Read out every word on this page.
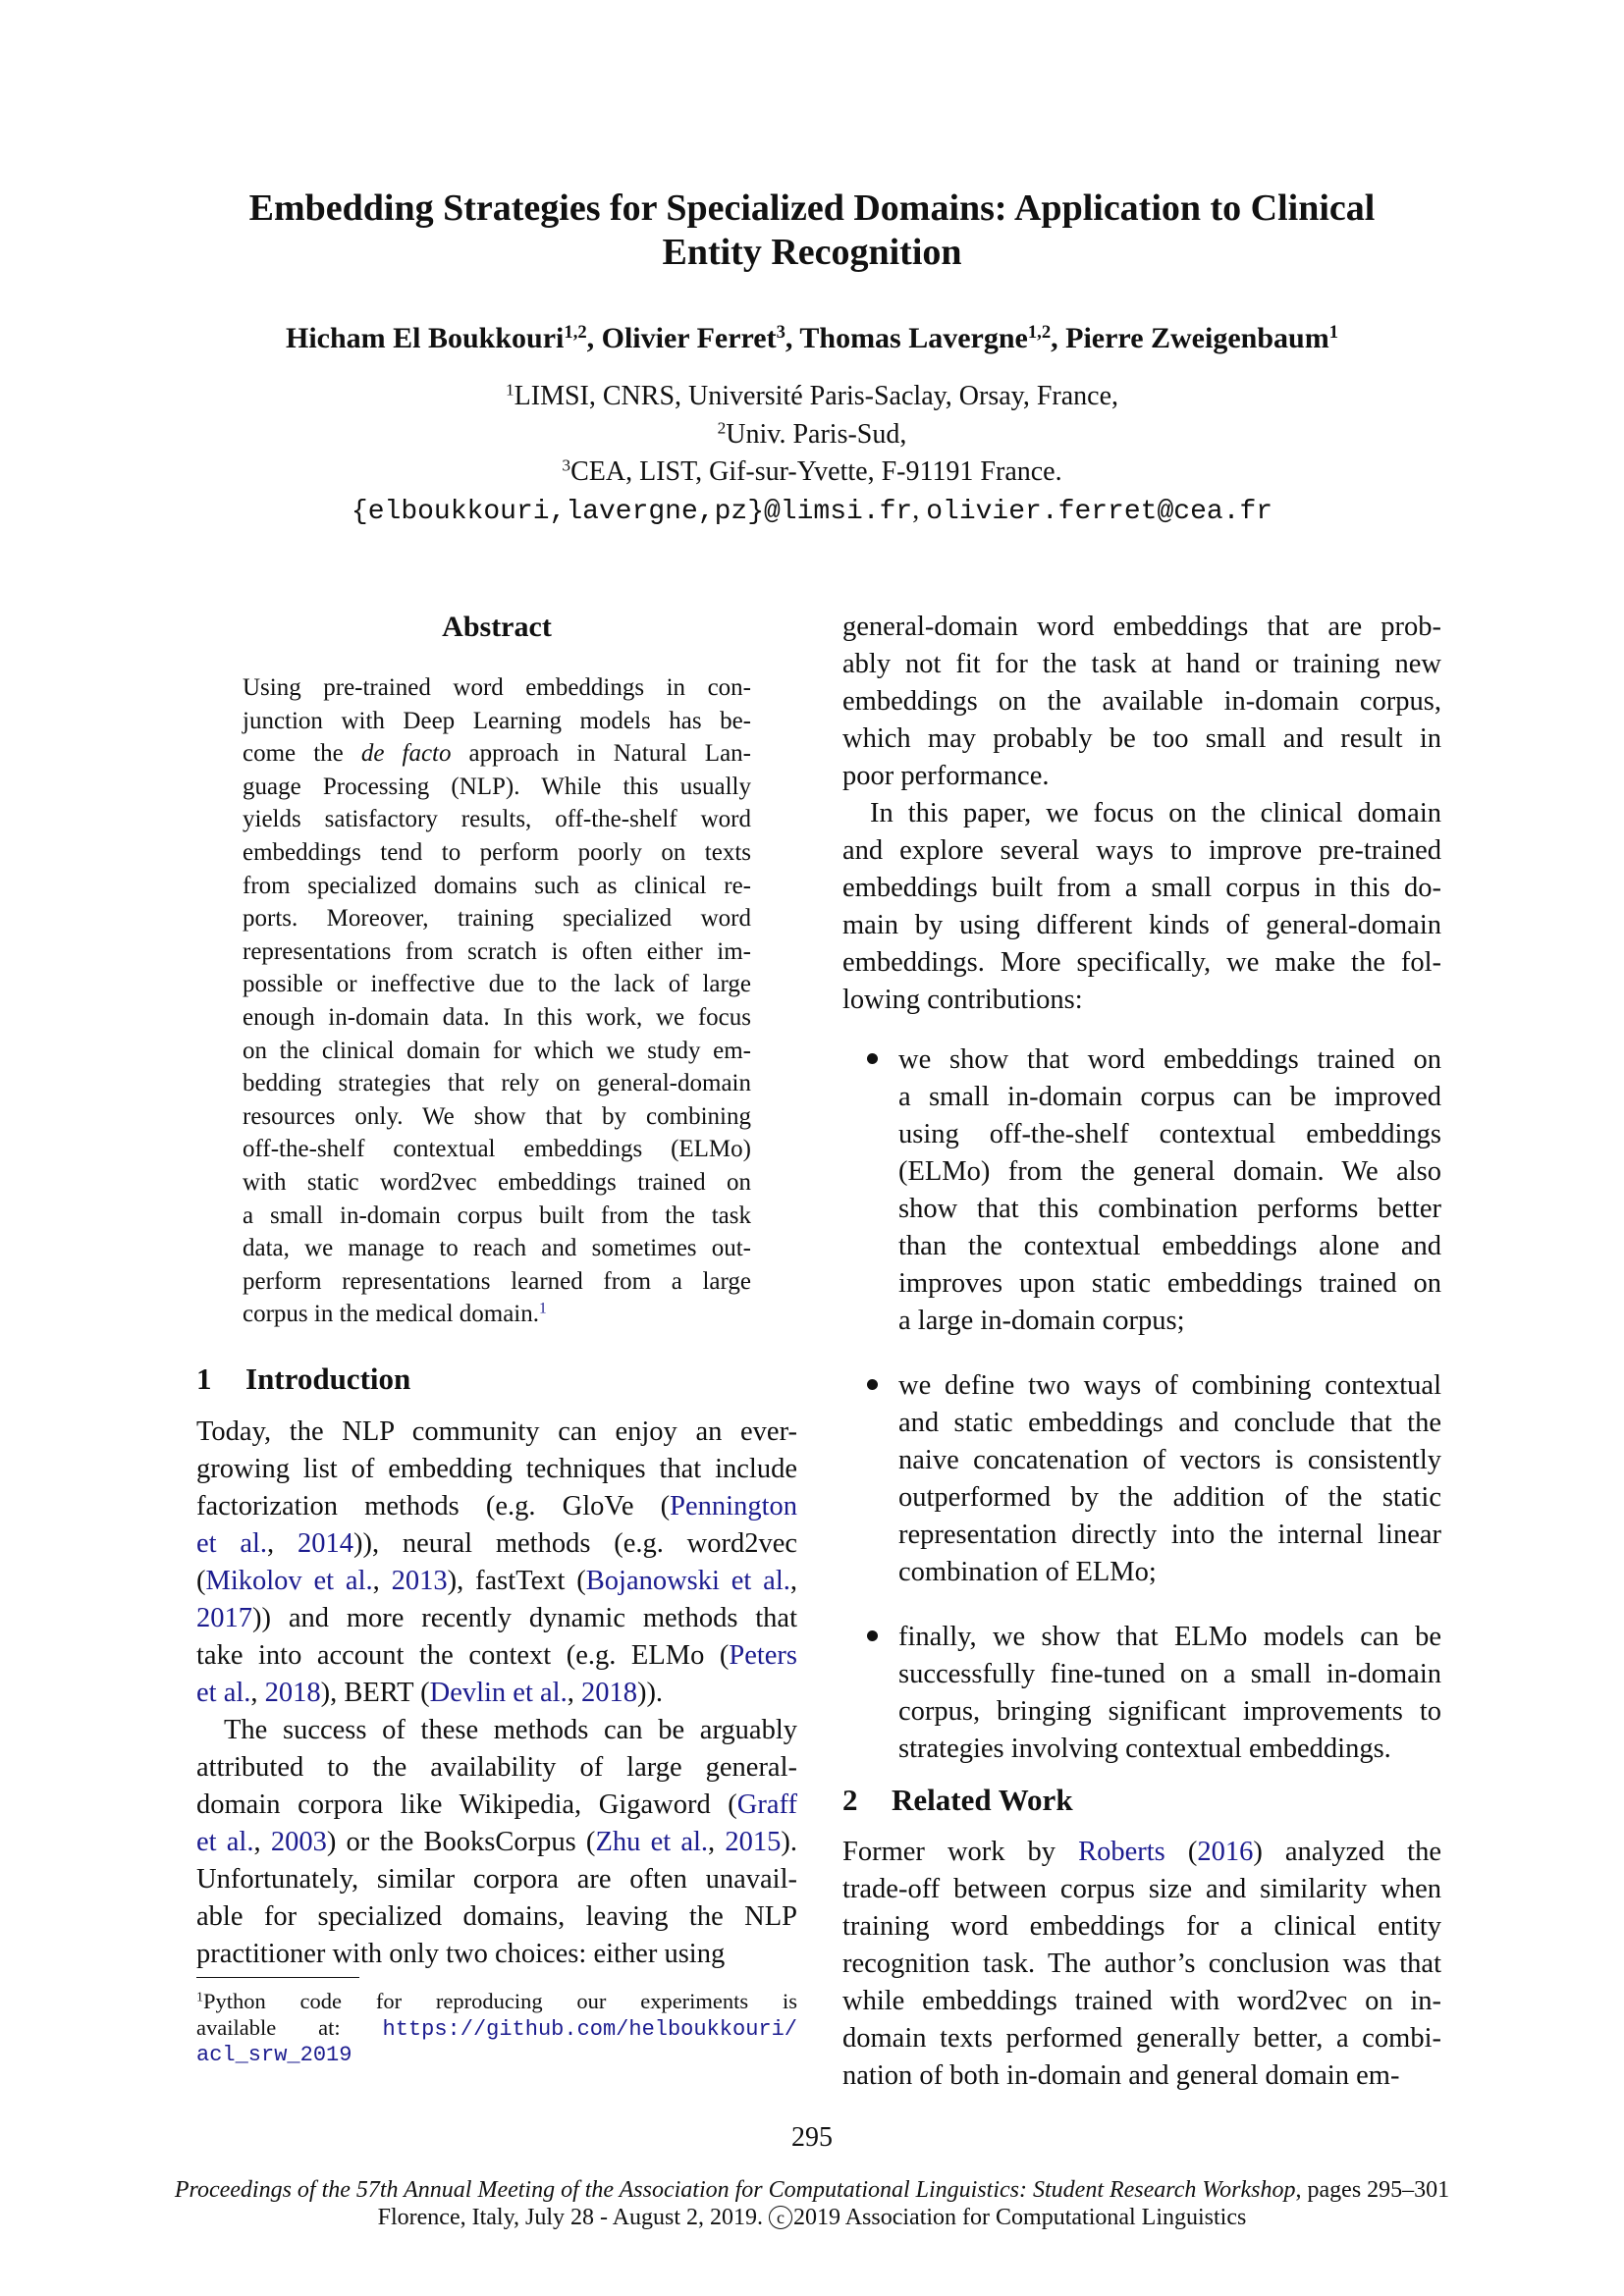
Embedding Strategies for Specialized Domains: Application to Clinical
Entity Recognition
Hicham El Boukkouri$^{1,2}$, Olivier Ferret$^3$, Thomas Lavergne$^{1,2}$, Pierre Zweigenbaum$^1$
$^1$LIMSI, CNRS, Université Paris-Saclay, Orsay, France,
$^2$Univ. Paris-Sud,
$^3$CEA, LIST, Gif-sur-Yvette, F-91191 France.
{elboukkouri,lavergne,pz}@limsi.fr, olivier.ferret@cea.fr
Abstract
Using pre-trained word embeddings in con-
junction with Deep Learning models has be-
come the de facto approach in Natural Lan-
guage Processing (NLP). While this usually
yields satisfactory results, off-the-shelf word
embeddings tend to perform poorly on texts
from specialized domains such as clinical re-
ports. Moreover, training specialized word
representations from scratch is often either im-
possible or ineffective due to the lack of large
enough in-domain data. In this work, we focus
on the clinical domain for which we study em-
bedding strategies that rely on general-domain
resources only. We show that by combining
off-the-shelf contextual embeddings (ELMo)
with static word2vec embeddings trained on
a small in-domain corpus built from the task
data, we manage to reach and sometimes out-
perform representations learned from a large
corpus in the medical domain.$^1$
1 Introduction
Today, the NLP community can enjoy an ever-
growing list of embedding techniques that include
factorization methods (e.g. GloVe (Pennington
et al., 2014)), neural methods (e.g. word2vec
(Mikolov et al., 2013), fastText (Bojanowski et al.,
2017)) and more recently dynamic methods that
take into account the context (e.g. ELMo (Peters
et al., 2018), BERT (Devlin et al., 2018)).
The success of these methods can be arguably
attributed to the availability of large general-
domain corpora like Wikipedia, Gigaword (Graff
et al., 2003) or the BooksCorpus (Zhu et al., 2015).
Unfortunately, similar corpora are often unavail-
able for specialized domains, leaving the NLP
practitioner with only two choices: either using
$^1$Python code for reproducing our experiments is
available at: https://github.com/helboukkouri/
acl_srw_2019
general-domain word embeddings that are prob-
ably not fit for the task at hand or training new
embeddings on the available in-domain corpus,
which may probably be too small and result in
poor performance.
In this paper, we focus on the clinical domain
and explore several ways to improve pre-trained
embeddings built from a small corpus in this do-
main by using different kinds of general-domain
embeddings. More specifically, we make the fol-
lowing contributions:
we show that word embeddings trained on
a small in-domain corpus can be improved
using off-the-shelf contextual embeddings
(ELMo) from the general domain. We also
show that this combination performs better
than the contextual embeddings alone and
improves upon static embeddings trained on
a large in-domain corpus;
we define two ways of combining contextual
and static embeddings and conclude that the
naive concatenation of vectors is consistently
outperformed by the addition of the static
representation directly into the internal linear
combination of ELMo;
finally, we show that ELMo models can be
successfully fine-tuned on a small in-domain
corpus, bringing significant improvements to
strategies involving contextual embeddings.
2 Related Work
Former work by Roberts (2016) analyzed the
trade-off between corpus size and similarity when
training word embeddings for a clinical entity
recognition task. The author’s conclusion was that
while embeddings trained with word2vec on in-
domain texts performed generally better, a combi-
nation of both in-domain and general domain em-
295
Proceedings of the 57th Annual Meeting of the Association for Computational Linguistics: Student Research Workshop, pages 295–301
Florence, Italy, July 28 - August 2, 2019. c 2019 Association for Computational Linguistics
